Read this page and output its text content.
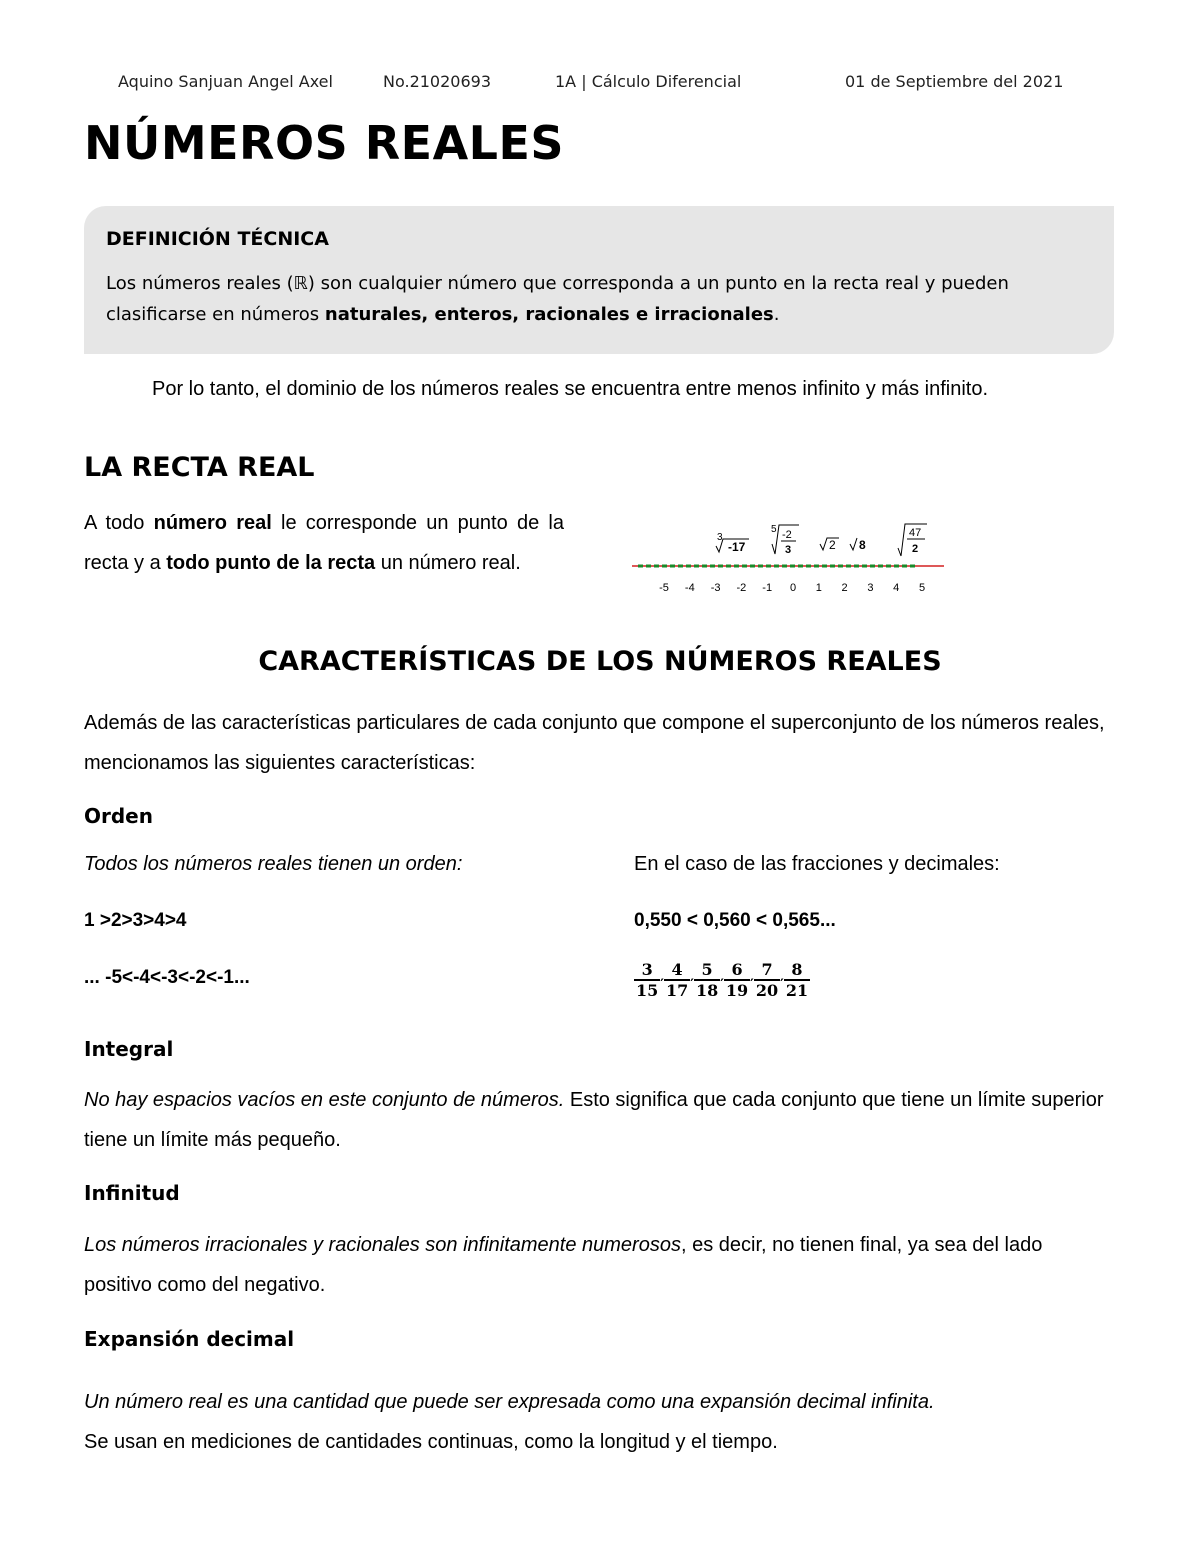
Aquino Sanjuan Angel Axel	No.21020693	1A | Cálculo Diferencial	01 de Septiembre del 2021
NÚMEROS REALES
DEFINICIÓN TÉCNICA
Los números reales (ℝ) son cualquier número que corresponda a un punto en la recta real y pueden clasificarse en números naturales, enteros, racionales e irracionales.
Por lo tanto, el dominio de los números reales se encuentra entre menos infinito y más infinito.
LA RECTA REAL
A todo número real le corresponde un punto de la recta y a todo punto de la recta un número real.
-5 -4 -3 -2 -1 0 1 2 3 4 5
3
-17
5 -2
3	2 8
47
2
CARACTERÍSTICAS DE LOS NÚMEROS REALES
Además de las características particulares de cada conjunto que compone el superconjunto de los números reales, mencionamos las siguientes características:
Orden
Todos los números reales tienen un orden:	En el caso de las fracciones y decimales:
1 >2>3>4>4	0,550 < 0,560 < 0,565...
... -5<-4<-3<-2<-1...	$\frac{3}{15}$ ′ $\frac{4}{17}$ ′ $\frac{5}{18}$ ′ $\frac{6}{19}$ ′ $\frac{7}{20}$ ′ $\frac{8}{21}$
Integral
No hay espacios vacíos en este conjunto de números. Esto significa que cada conjunto que tiene un límite superior tiene un límite más pequeño.
Infinitud
Los números irracionales y racionales son infinitamente numerosos, es decir, no tienen final, ya sea del lado positivo como del negativo.
Expansión decimal
Un número real es una cantidad que puede ser expresada como una expansión decimal infinita.
Se usan en mediciones de cantidades continuas, como la longitud y el tiempo.
